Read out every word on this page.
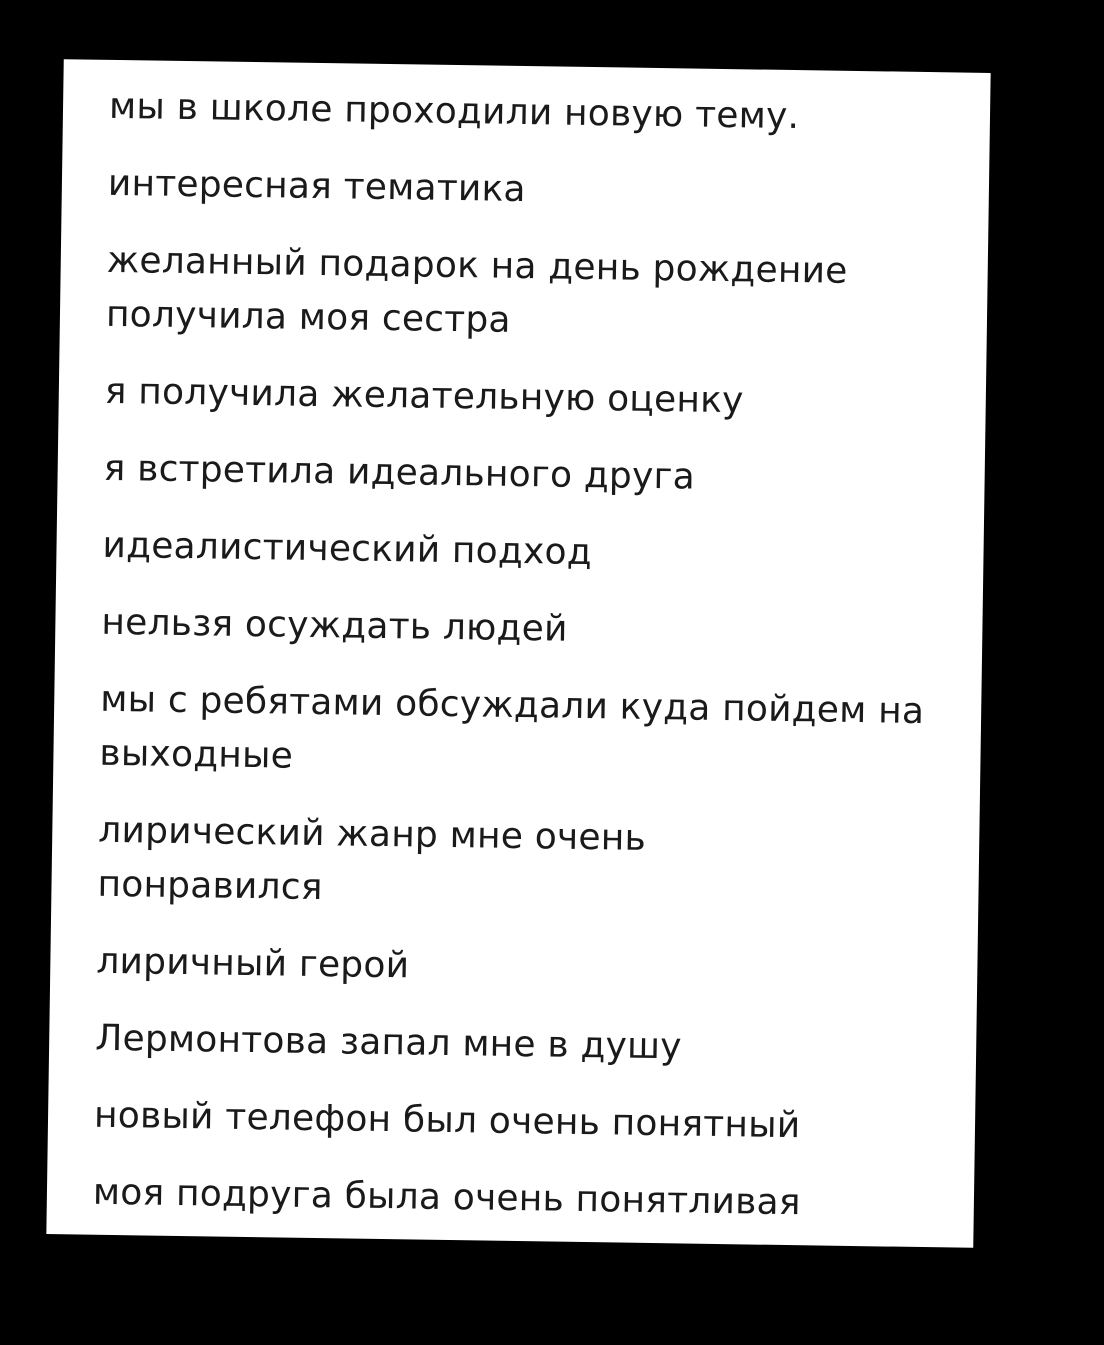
мы в школе проходили новую тему.
интересная тематика
желанный подарок на день рождение получила моя сестра
я получила желательную оценку
я встретила идеального друга
идеалистический подход
нельзя осуждать людей
мы с ребятами обсуждали куда пойдем на выходные
лирический жанр мне очень понравился
лиричный герой
Лермонтова запал мне в душу
новый телефон был очень понятный
моя подруга была очень понятливая
